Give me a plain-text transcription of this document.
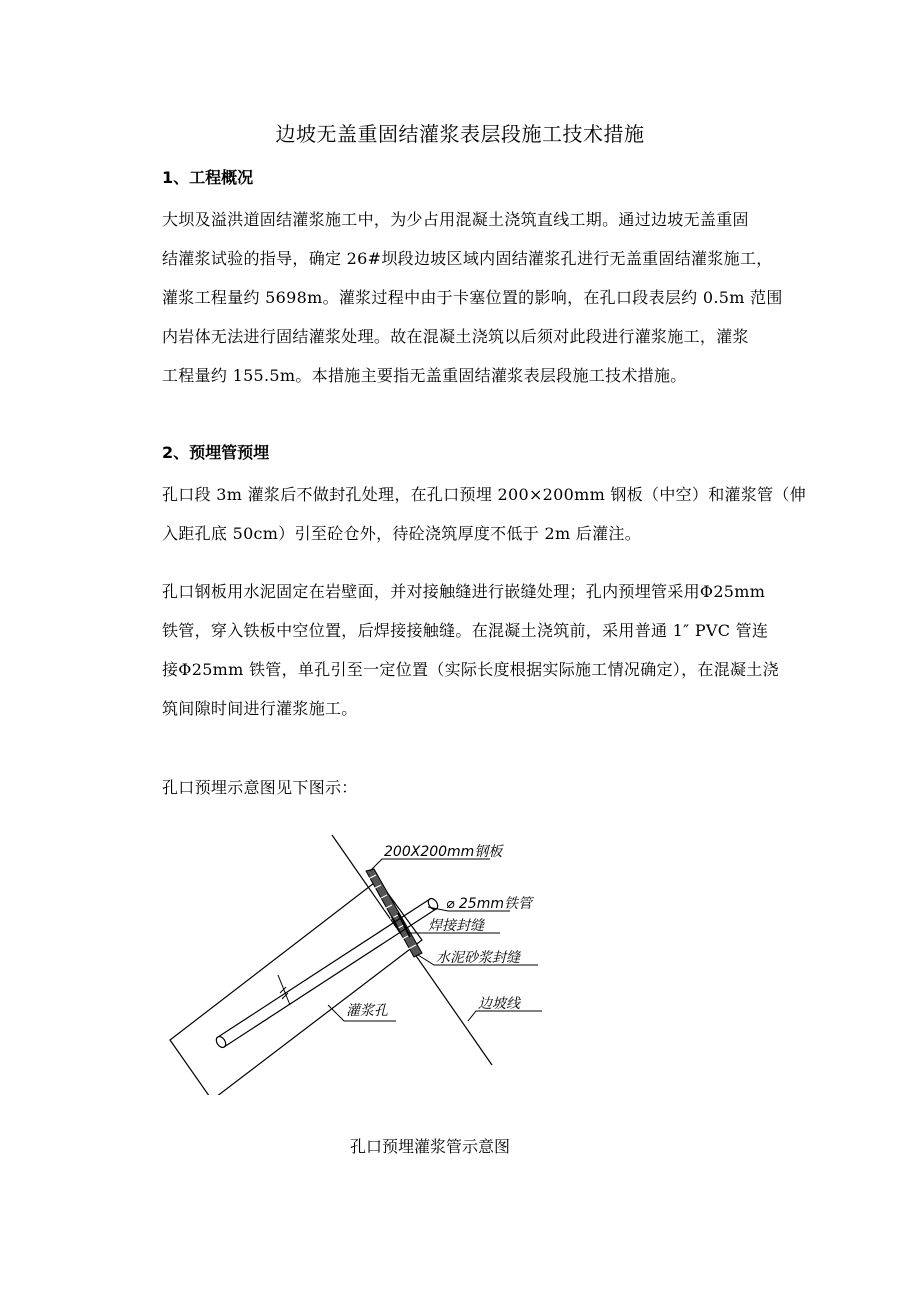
边坡无盖重固结灌浆表层段施工技术措施
1、工程概况
大坝及溢洪道固结灌浆施工中，为少占用混凝土浇筑直线工期。通过边坡无盖重固
结灌浆试验的指导，确定 26#坝段边坡区域内固结灌浆孔进行无盖重固结灌浆施工，
灌浆工程量约 5698m。灌浆过程中由于卡塞位置的影响，在孔口段表层约 0.5m 范围
内岩体无法进行固结灌浆处理。故在混凝土浇筑以后须对此段进行灌浆施工，灌浆
工程量约 155.5m。本措施主要指无盖重固结灌浆表层段施工技术措施。
2、预埋管预埋
孔口段 3m 灌浆后不做封孔处理，在孔口预埋 200×200mm 钢板（中空）和灌浆管（伸
入距孔底 50cm）引至砼仓外，待砼浇筑厚度不低于 2m 后灌注。
孔口钢板用水泥固定在岩壁面，并对接触缝进行嵌缝处理；孔内预埋管采用Φ25mm
铁管，穿入铁板中空位置，后焊接接触缝。在混凝土浇筑前，采用普通 1″ PVC 管连
接Φ25mm 铁管，单孔引至一定位置（实际长度根据实际施工情况确定），在混凝土浇
筑间隙时间进行灌浆施工。
孔口预埋示意图见下图示：
200X200mm钢板
⌀ 25mm铁管
焊接封缝
水泥砂浆封缝
边坡线
灌浆孔
孔口预埋灌浆管示意图
